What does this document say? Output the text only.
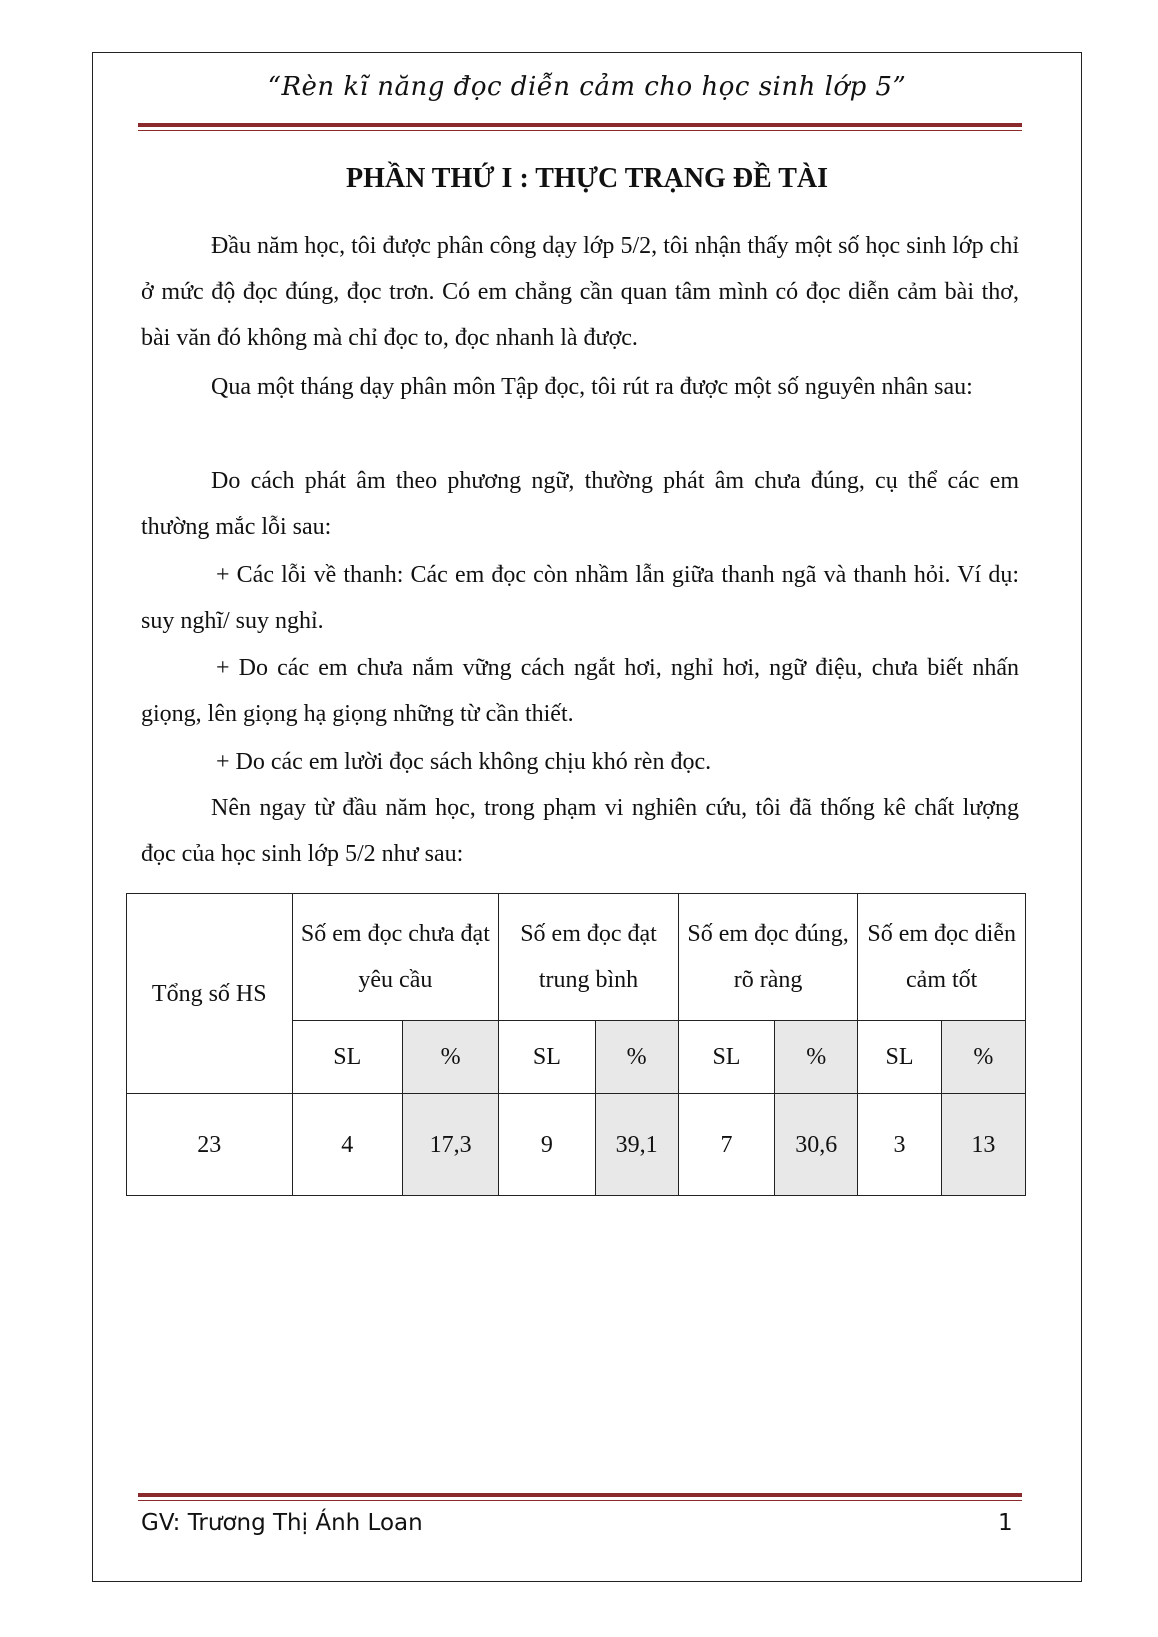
“Rèn kĩ năng đọc diễn cảm cho học sinh lớp 5”
PHẦN THỨ I : THỰC TRẠNG ĐỀ TÀI
Đầu năm học, tôi được phân công dạy lớp 5/2, tôi nhận thấy một số học sinh lớp chỉ ở mức độ đọc đúng, đọc trơn. Có em chẳng cần quan tâm mình có đọc diễn cảm bài thơ, bài văn đó không mà chỉ đọc to, đọc nhanh là được.
Qua một tháng dạy phân môn Tập đọc, tôi rút ra được một số nguyên nhân sau:
Do cách phát âm theo phương ngữ, thường phát âm chưa đúng, cụ thể các em thường mắc lỗi sau:
+ Các lỗi về thanh: Các em đọc còn nhầm lẫn giữa thanh ngã và thanh hỏi. Ví dụ: suy nghĩ/ suy nghỉ.
+ Do các em chưa nắm vững cách ngắt hơi, nghỉ hơi, ngữ điệu, chưa biết nhấn giọng, lên giọng hạ giọng những từ cần thiết.
+ Do các em lười đọc sách không chịu khó rèn đọc.
Nên ngay từ đầu năm học, trong phạm vi nghiên cứu, tôi đã thống kê chất lượng đọc của học sinh lớp 5/2 như sau:
Tổng số HS	Số em đọc chưa đạt yêu cầu		Số em đọc đạt trung bình		Số em đọc đúng, rõ ràng		Số em đọc diễn cảm tốt	
	SL	%	SL	%	SL	%	SL	%
23	4	17,3	9	39,1	7	30,6	3	13
GV: Trương Thị Ánh Loan	1
